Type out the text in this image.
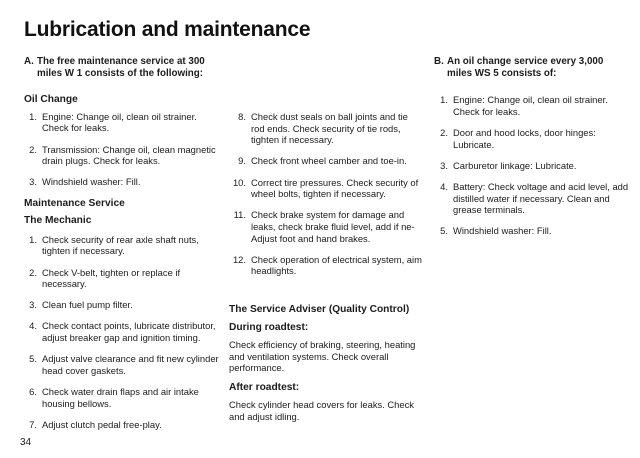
Lubrication and maintenance
A. The free maintenance service at 300 miles W 1 consists of the following:
Oil Change
1. Engine: Change oil, clean oil strainer. Check for leaks.
2. Transmission: Change oil, clean magnetic drain plugs. Check for leaks.
3. Windshield washer: Fill.
Maintenance Service
The Mechanic
1. Check security of rear axle shaft nuts, tighten if necessary.
2. Check V-belt, tighten or replace if necessary.
3. Clean fuel pump filter.
4. Check contact points, lubricate distributor, adjust breaker gap and ignition timing.
5. Adjust valve clearance and fit new cylinder head cover gaskets.
6. Check water drain flaps and air intake housing bellows.
7. Adjust clutch pedal free-play.
8. Check dust seals on ball joints and tie rod ends. Check security of tie rods, tighten if necessary.
9. Check front wheel camber and toe-in.
10. Correct tire pressures. Check security of wheel bolts, tighten if necessary.
11. Check brake system for damage and leaks, check brake fluid level, add if ne- Adjust foot and hand brakes.
12. Check operation of electrical system, aim headlights.
The Service Adviser (Quality Control)
During roadtest:

Check efficiency of braking, steering, heating and ventilation systems. Check overall performance.

After roadtest:

Check cylinder head covers for leaks. Check and adjust idling.

B. An oil change service every 3,000 miles WS 5 consists of:
1. Engine: Change oil, clean oil strainer. Check for leaks.
2. Door and hood locks, door hinges: Lubricate.
3. Carburetor linkage: Lubricate.
4. Battery: Check voltage and acid level, add distilled water if necessary. Clean and grease terminals.
5. Windshield washer: Fill.
34
